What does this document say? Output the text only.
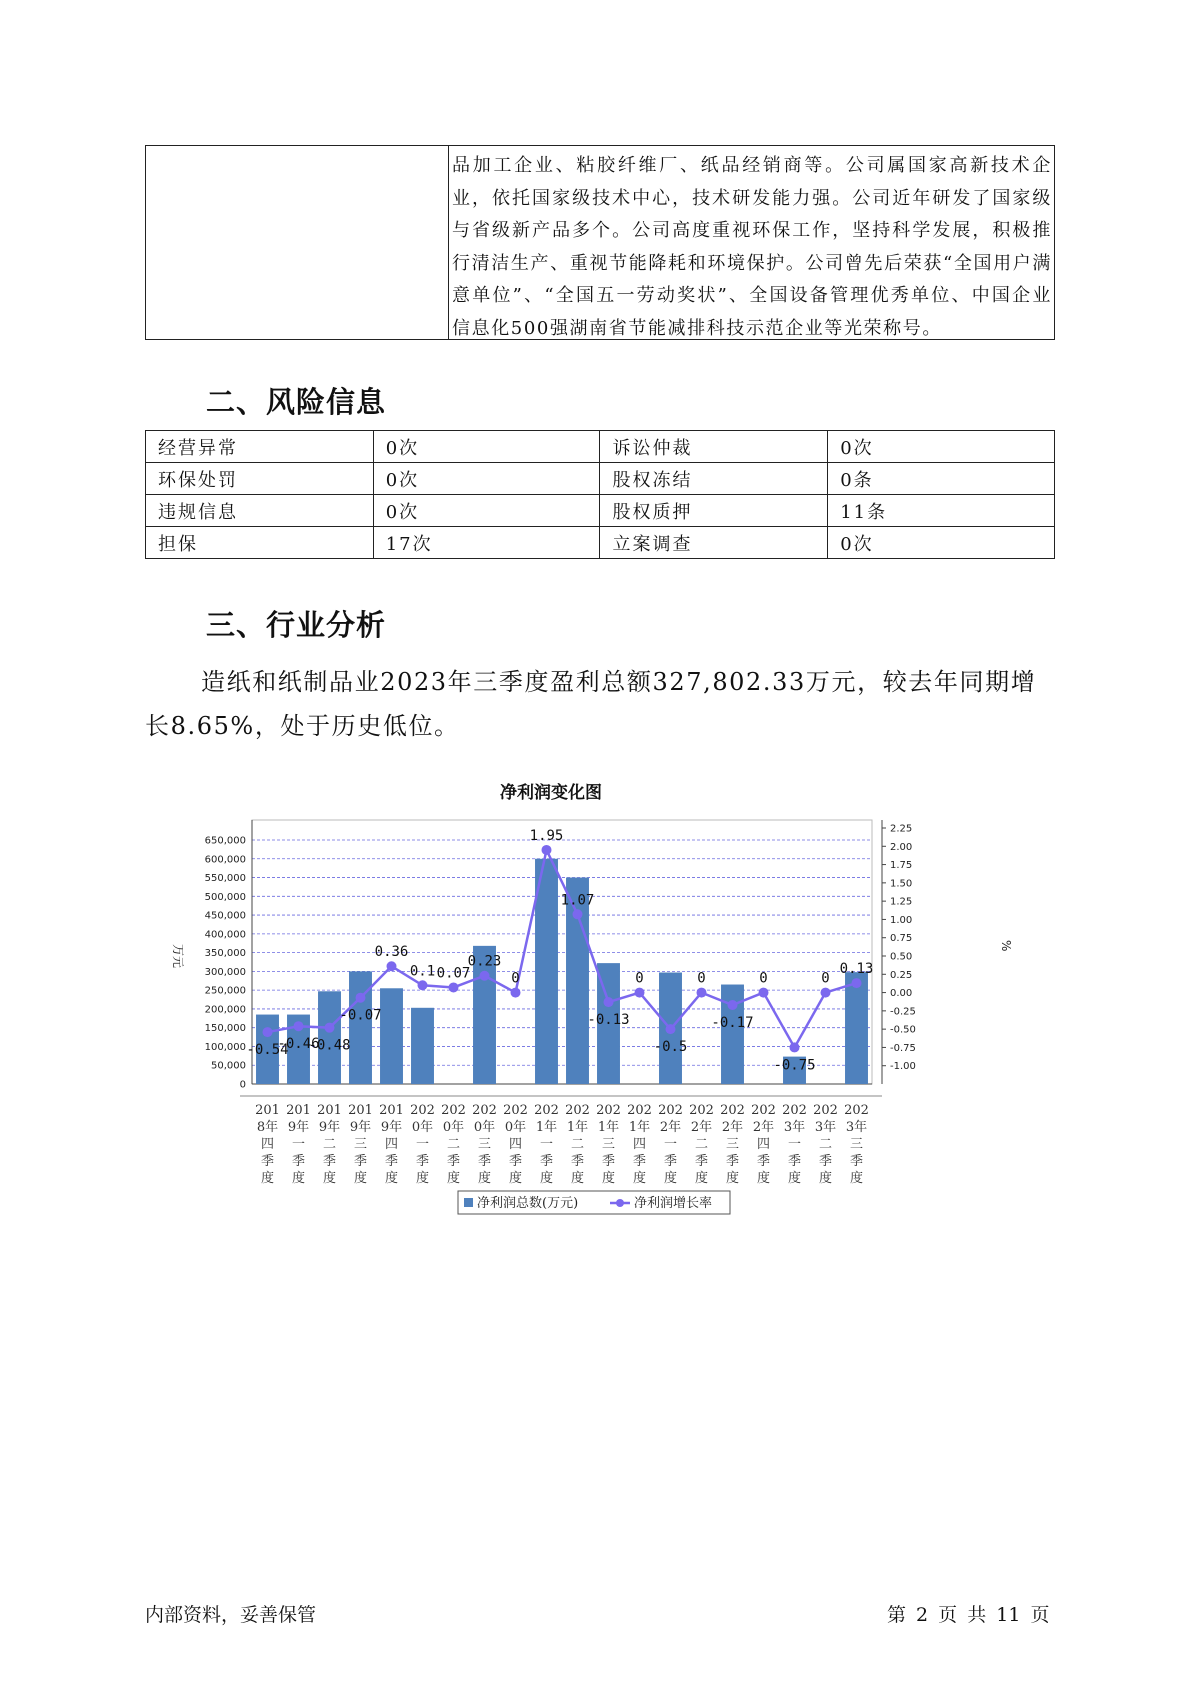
品加工企业、粘胶纤维厂、纸品经销商等。公司属国家高新技术企业，依托国家级技术中心，技术研发能力强。公司近年研发了国家级与省级新产品多个。公司高度重视环保工作，坚持科学发展，积极推行清洁生产、重视节能降耗和环境保护。公司曾先后荣获“全国用户满意单位”、“全国五一劳动奖状”、全国设备管理优秀单位、中国企业信息化500强湖南省节能减排科技示范企业等光荣称号。
二、风险信息
经营异常	0次	诉讼仲裁	0次
环保处罚	0次	股权冻结	0条
违规信息	0次	股权质押	11条
担保	17次	立案调查	0次
三、行业分析
造纸和纸制品业2023年三季度盈利总额327,802.33万元，较去年同期增长8.65%，处于历史低位。
净利润变化图
0
50,000
100,000
150,000
200,000
250,000
300,000
350,000
400,000
450,000
500,000
550,000
600,000
650,000
-1.00
-0.75
-0.50
-0.25
0.00
0.25
0.50
0.75
1.00
1.25
1.50
1.75
2.00
2.25
万元	%
201
8年
四
季
度
201
9年
一
季
度
201
9年
二
季
度
201
9年
三
季
度
201
9年
四
季
度
202
0年
一
季
度
202
0年
二
季
度
202
0年
三
季
度
202
0年
四
季
度
202
1年
一
季
度
202
1年
二
季
度
202
1年
三
季
度
202
1年
四
季
度
202
2年
一
季
度
202
2年
二
季
度
202
2年
三
季
度
202
2年
四
季
度
202
3年
一
季
度
202
3年
二
季
度
202
3年
三
季
度
-0.54
-0.46
-0.48
-0.07
0.36
0.1 0.07
0.23
0
1.95
1.07
-0.13
0
-0.5
0
-0.17
0
-0.75
0
0.13
净利润总数(万元)	净利润增长率
内部资料，妥善保管	第 2 页 共 11 页
